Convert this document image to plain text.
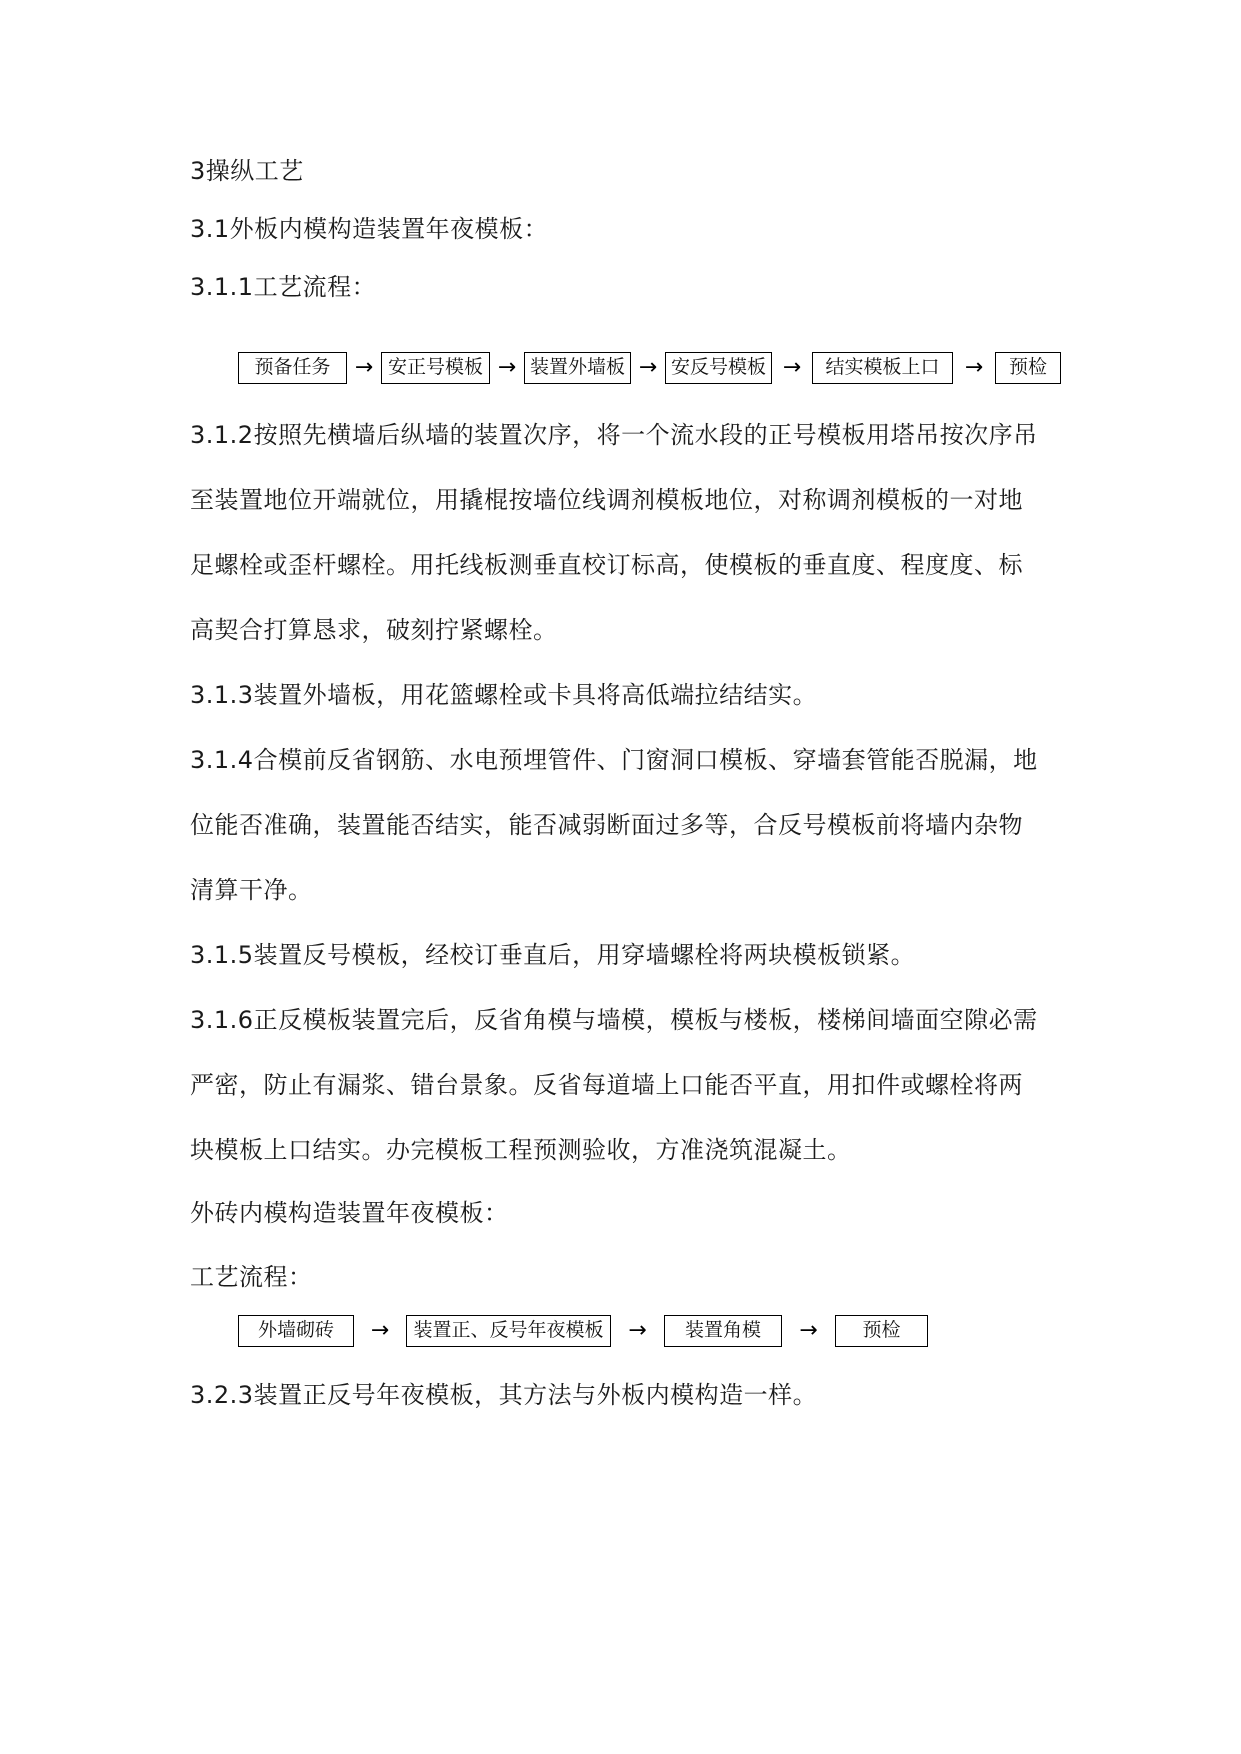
3操纵工艺
3.1外板内模构造装置年夜模板：
3.1.1工艺流程：
预备任务	→ 安正号模板 → 装置外墙板 → 安反号模板 →	结实模板上口	→	预检
3.1.2按照先横墙后纵墙的装置次序，将一个流水段的正号模板用塔吊按次序吊
至装置地位开端就位，用撬棍按墙位线调剂模板地位，对称调剂模板的一对地
足螺栓或歪杆螺栓。用托线板测垂直校订标高，使模板的垂直度、程度度、标
高契合打算恳求，破刻拧紧螺栓。
3.1.3装置外墙板，用花篮螺栓或卡具将高低端拉结结实。
3.1.4合模前反省钢筋、水电预埋管件、门窗洞口模板、穿墙套管能否脱漏，地
位能否准确，装置能否结实，能否减弱断面过多等，合反号模板前将墙内杂物
清算干净。
3.1.5装置反号模板，经校订垂直后，用穿墙螺栓将两块模板锁紧。
3.1.6正反模板装置完后，反省角模与墙模，模板与楼板，楼梯间墙面空隙必需
严密，防止有漏浆、错台景象。反省每道墙上口能否平直，用扣件或螺栓将两
块模板上口结实。办完模板工程预测验收，方准浇筑混凝土。
外砖内模构造装置年夜模板：
工艺流程：
外墙砌砖	→	装置正、反号年夜模板	→	装置角模	→	预检
3.2.3装置正反号年夜模板，其方法与外板内模构造一样。
